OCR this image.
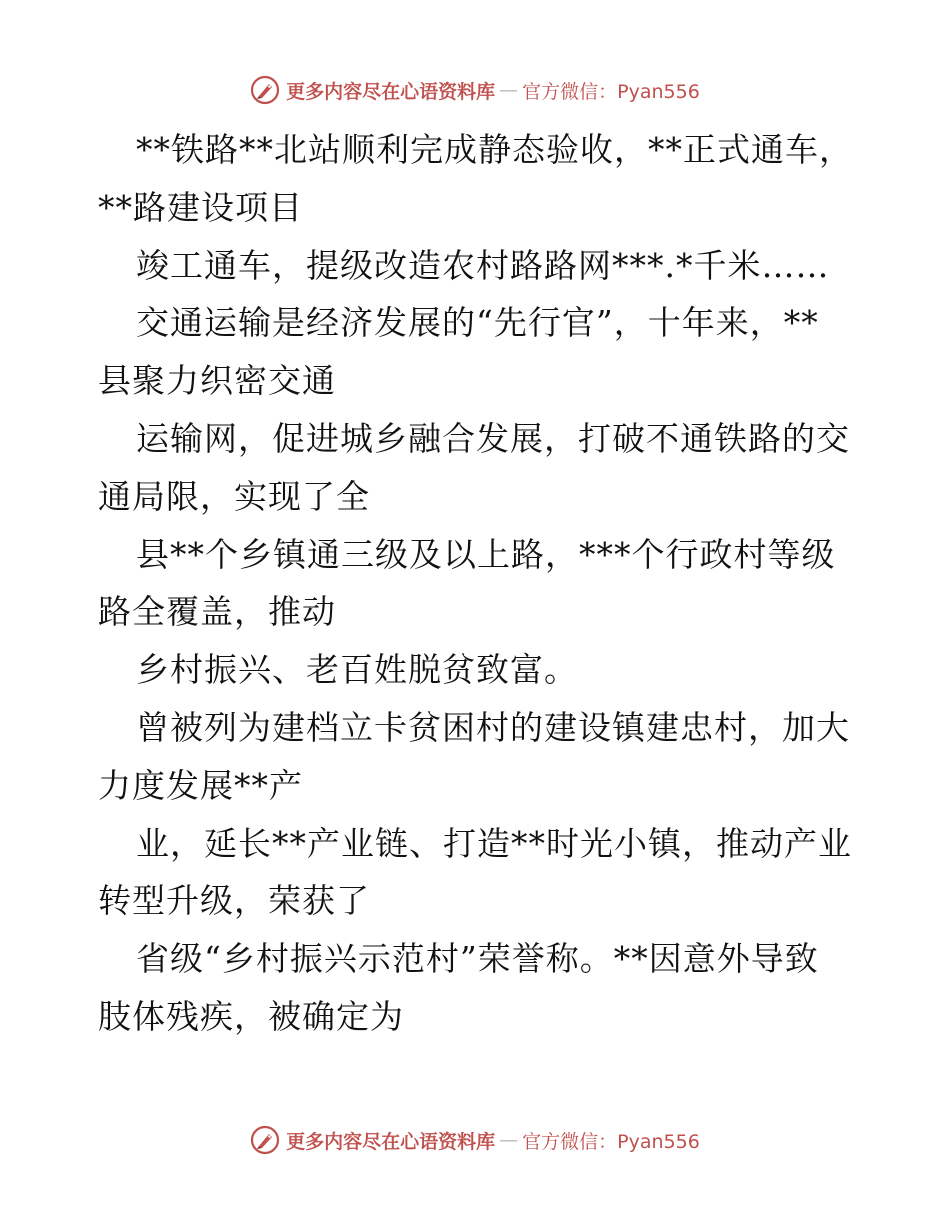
更多内容尽在心语资料库 — 官方微信：Pyan556
**铁路**北站顺利完成静态验收，**正式通车，
**路建设项目
竣工通车，提级改造农村路路网***.*千米……
交通运输是经济发展的“先行官”，十年来，**
县聚力织密交通
运输网，促进城乡融合发展，打破不通铁路的交
通局限，实现了全
县**个乡镇通三级及以上路，***个行政村等级
路全覆盖，推动
乡村振兴、老百姓脱贫致富。
曾被列为建档立卡贫困村的建设镇建忠村，加大
力度发展**产
业，延长**产业链、打造**时光小镇，推动产业
转型升级，荣获了
省级“乡村振兴示范村”荣誉称。**因意外导致
肢体残疾，被确定为
更多内容尽在心语资料库 — 官方微信：Pyan556
